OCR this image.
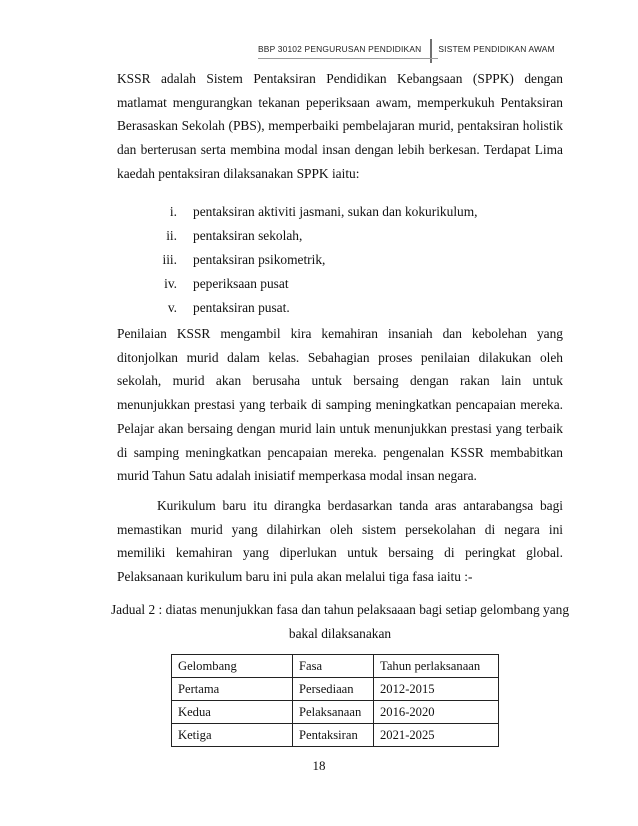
BBP 30102 PENGURUSAN PENDIDIKAN	SISTEM PENDIDIKAN AWAM

KSSR adalah Sistem Pentaksiran Pendidikan Kebangsaan (SPPK) dengan matlamat mengurangkan tekanan peperiksaan awam, memperkukuh Pentaksiran Berasaskan Sekolah (PBS), memperbaiki pembelajaran murid, pentaksiran holistik dan berterusan serta membina modal insan dengan lebih berkesan. Terdapat Lima kaedah pentaksiran dilaksanakan SPPK iaitu:

i.	pentaksiran aktiviti jasmani, sukan dan kokurikulum,
ii.	pentaksiran sekolah,
iii.	pentaksiran psikometrik,
iv.	peperiksaan pusat
v.	pentaksiran pusat.

Penilaian KSSR mengambil kira kemahiran insaniah dan kebolehan yang ditonjolkan murid dalam kelas. Sebahagian proses penilaian dilakukan oleh sekolah, murid akan berusaha untuk bersaing dengan rakan lain untuk menunjukkan prestasi yang terbaik di samping meningkatkan pencapaian mereka. Pelajar akan bersaing dengan murid lain untuk menunjukkan prestasi yang terbaik di samping meningkatkan pencapaian mereka. pengenalan KSSR membabitkan murid Tahun Satu adalah inisiatif memperkasa modal insan negara.

Kurikulum baru itu dirangka berdasarkan tanda aras antarabangsa bagi memastikan murid yang dilahirkan oleh sistem persekolahan di negara ini memiliki kemahiran yang diperlukan untuk bersaing di peringkat global. Pelaksanaan kurikulum baru ini pula akan melalui tiga fasa iaitu :-

Jadual 2 : diatas menunjukkan fasa dan tahun pelaksaaan bagi setiap gelombang yang bakal dilaksanakan

Gelombang	Fasa	Tahun perlaksanaan
Pertama	Persediaan	2012-2015
Kedua	Pelaksanaan	2016-2020
Ketiga	Pentaksiran	2021-2025
18
